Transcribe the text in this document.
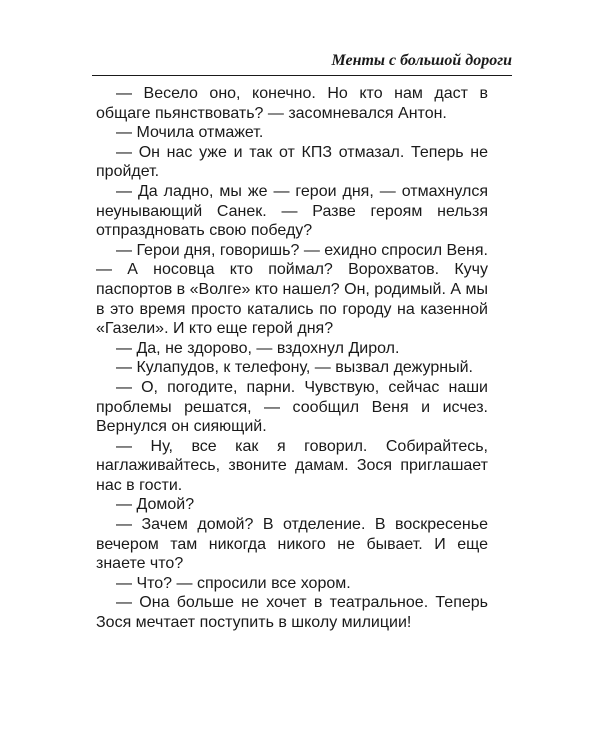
Менты с большой дороги

— Весело оно, конечно. Но кто нам даст в общаге пьянствовать? — засомневался Антон.

— Мочила отмажет.

— Он нас уже и так от КПЗ отмазал. Теперь не пройдет.

— Да ладно, мы же — герои дня, — отмахнулся неунывающий Санек. — Разве героям нельзя отпраздновать свою победу?

— Герои дня, говоришь? — ехидно спросил Веня. — А носовца кто поймал? Ворохватов. Кучу паспортов в «Волге» кто нашел? Он, родимый. А мы в это время просто катались по городу на казенной «Газели». И кто еще герой дня?

— Да, не здорово, — вздохнул Дирол.

— Кулапудов, к телефону, — вызвал дежурный.

— О, погодите, парни. Чувствую, сейчас наши проблемы решатся, — сообщил Веня и исчез. Вернулся он сияющий.

— Ну, все как я говорил. Собирайтесь, наглаживайтесь, звоните дамам. Зося приглашает нас в гости.

— Домой?

— Зачем домой? В отделение. В воскресенье вечером там никогда никого не бывает. И еще знаете что?

— Что? — спросили все хором.

— Она больше не хочет в театральное. Теперь Зося мечтает поступить в школу милиции!
